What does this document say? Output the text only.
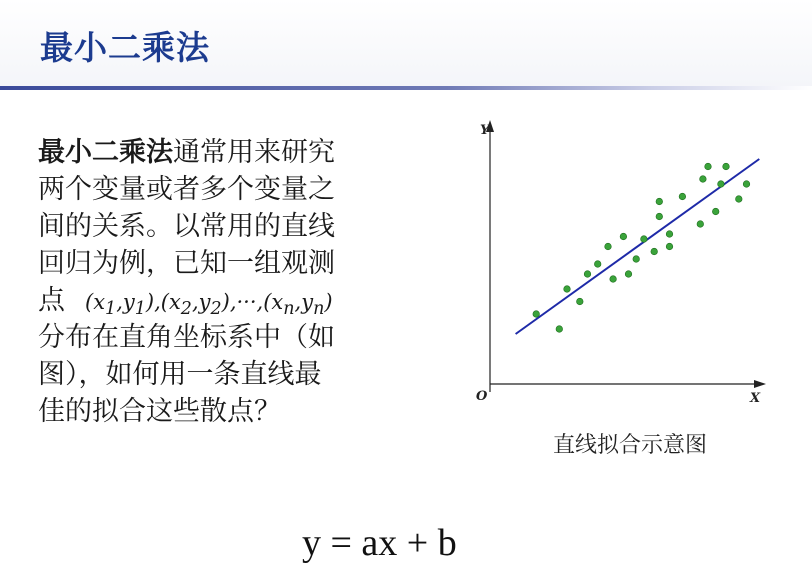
最小二乘法
最小二乘法通常用来研究
两个变量或者多个变量之
间的关系。以常用的直线
回归为例，已知一组观测
点 $(x_1,y_1),(x_2,y_2),\cdot\cdot\cdot,(x_n,y_n)$
分布在直角坐标系中（如
图），如何用一条直线最
佳的拟合这些散点？
Y
X
O
直线拟合示意图
y = ax + b
